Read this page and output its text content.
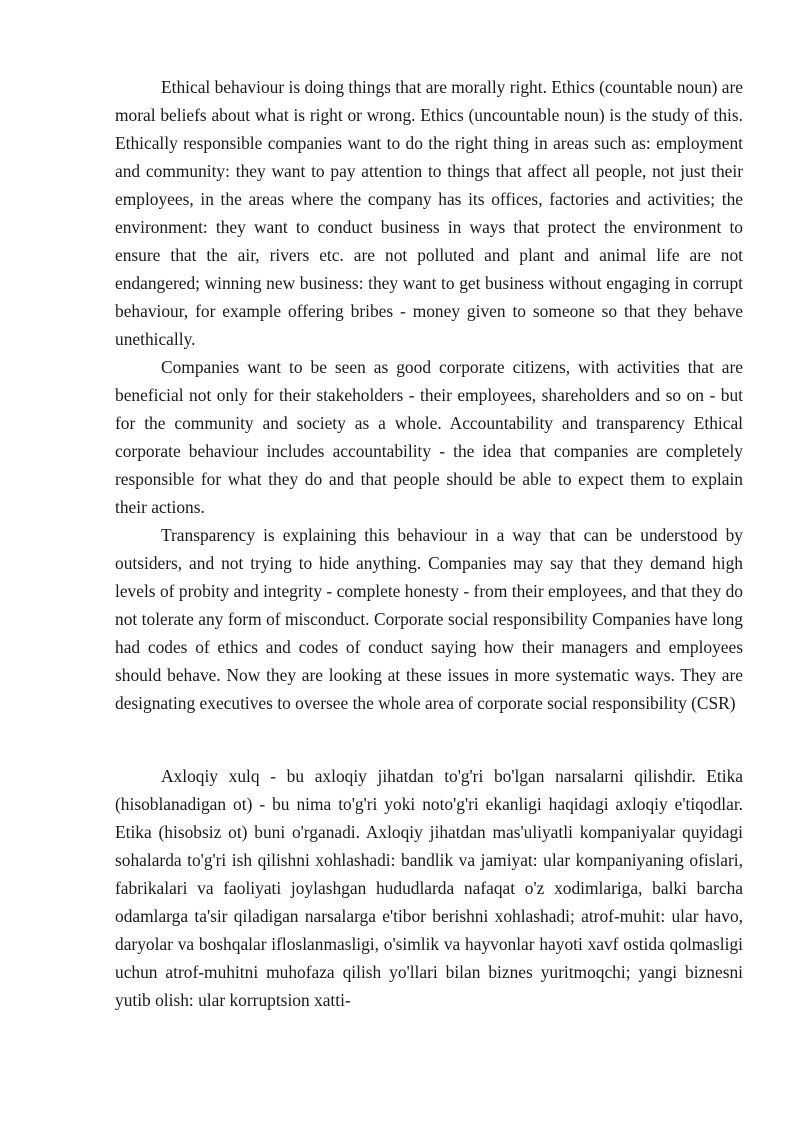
Ethical behaviour is doing things that are morally right. Ethics (countable noun) are moral beliefs about what is right or wrong. Ethics (uncountable noun) is the study of this. Ethically responsible companies want to do the right thing in areas such as: employment and community: they want to pay attention to things that affect all people, not just their employees, in the areas where the company has its offices, factories and activities; the environment: they want to conduct business in ways that protect the environment to ensure that the air, rivers etc. are not polluted and plant and animal life are not endangered; winning new business: they want to get business without engaging in corrupt behaviour, for example offering bribes - money given to someone so that they behave unethically.

Companies want to be seen as good corporate citizens, with activities that are beneficial not only for their stakeholders - their employees, shareholders and so on - but for the community and society as a whole. Accountability and transparency Ethical corporate behaviour includes accountability - the idea that companies are completely responsible for what they do and that people should be able to expect them to explain their actions.

Transparency is explaining this behaviour in a way that can be understood by outsiders, and not trying to hide anything. Companies may say that they demand high levels of probity and integrity - complete honesty - from their employees, and that they do not tolerate any form of misconduct. Corporate social responsibility Companies have long had codes of ethics and codes of conduct saying how their managers and employees should behave. Now they are looking at these issues in more systematic ways. They are designating executives to oversee the whole area of corporate social responsibility (CSR)

Axloqiy xulq - bu axloqiy jihatdan to'g'ri bo'lgan narsalarni qilishdir. Etika (hisoblanadigan ot) - bu nima to'g'ri yoki noto'g'ri ekanligi haqidagi axloqiy e'tiqodlar. Etika (hisobsiz ot) buni o'rganadi. Axloqiy jihatdan mas'uliyatli kompaniyalar quyidagi sohalarda to'g'ri ish qilishni xohlashadi: bandlik va jamiyat: ular kompaniyaning ofislari, fabrikalari va faoliyati joylashgan hududlarda nafaqat o'z xodimlariga, balki barcha odamlarga ta'sir qiladigan narsalarga e'tibor berishni xohlashadi; atrof-muhit: ular havo, daryolar va boshqalar ifloslanmasligi, o'simlik va hayvonlar hayoti xavf ostida qolmasligi uchun atrof-muhitni muhofaza qilish yo'llari bilan biznes yuritmoqchi; yangi biznesni yutib olish: ular korruptsion xatti-
